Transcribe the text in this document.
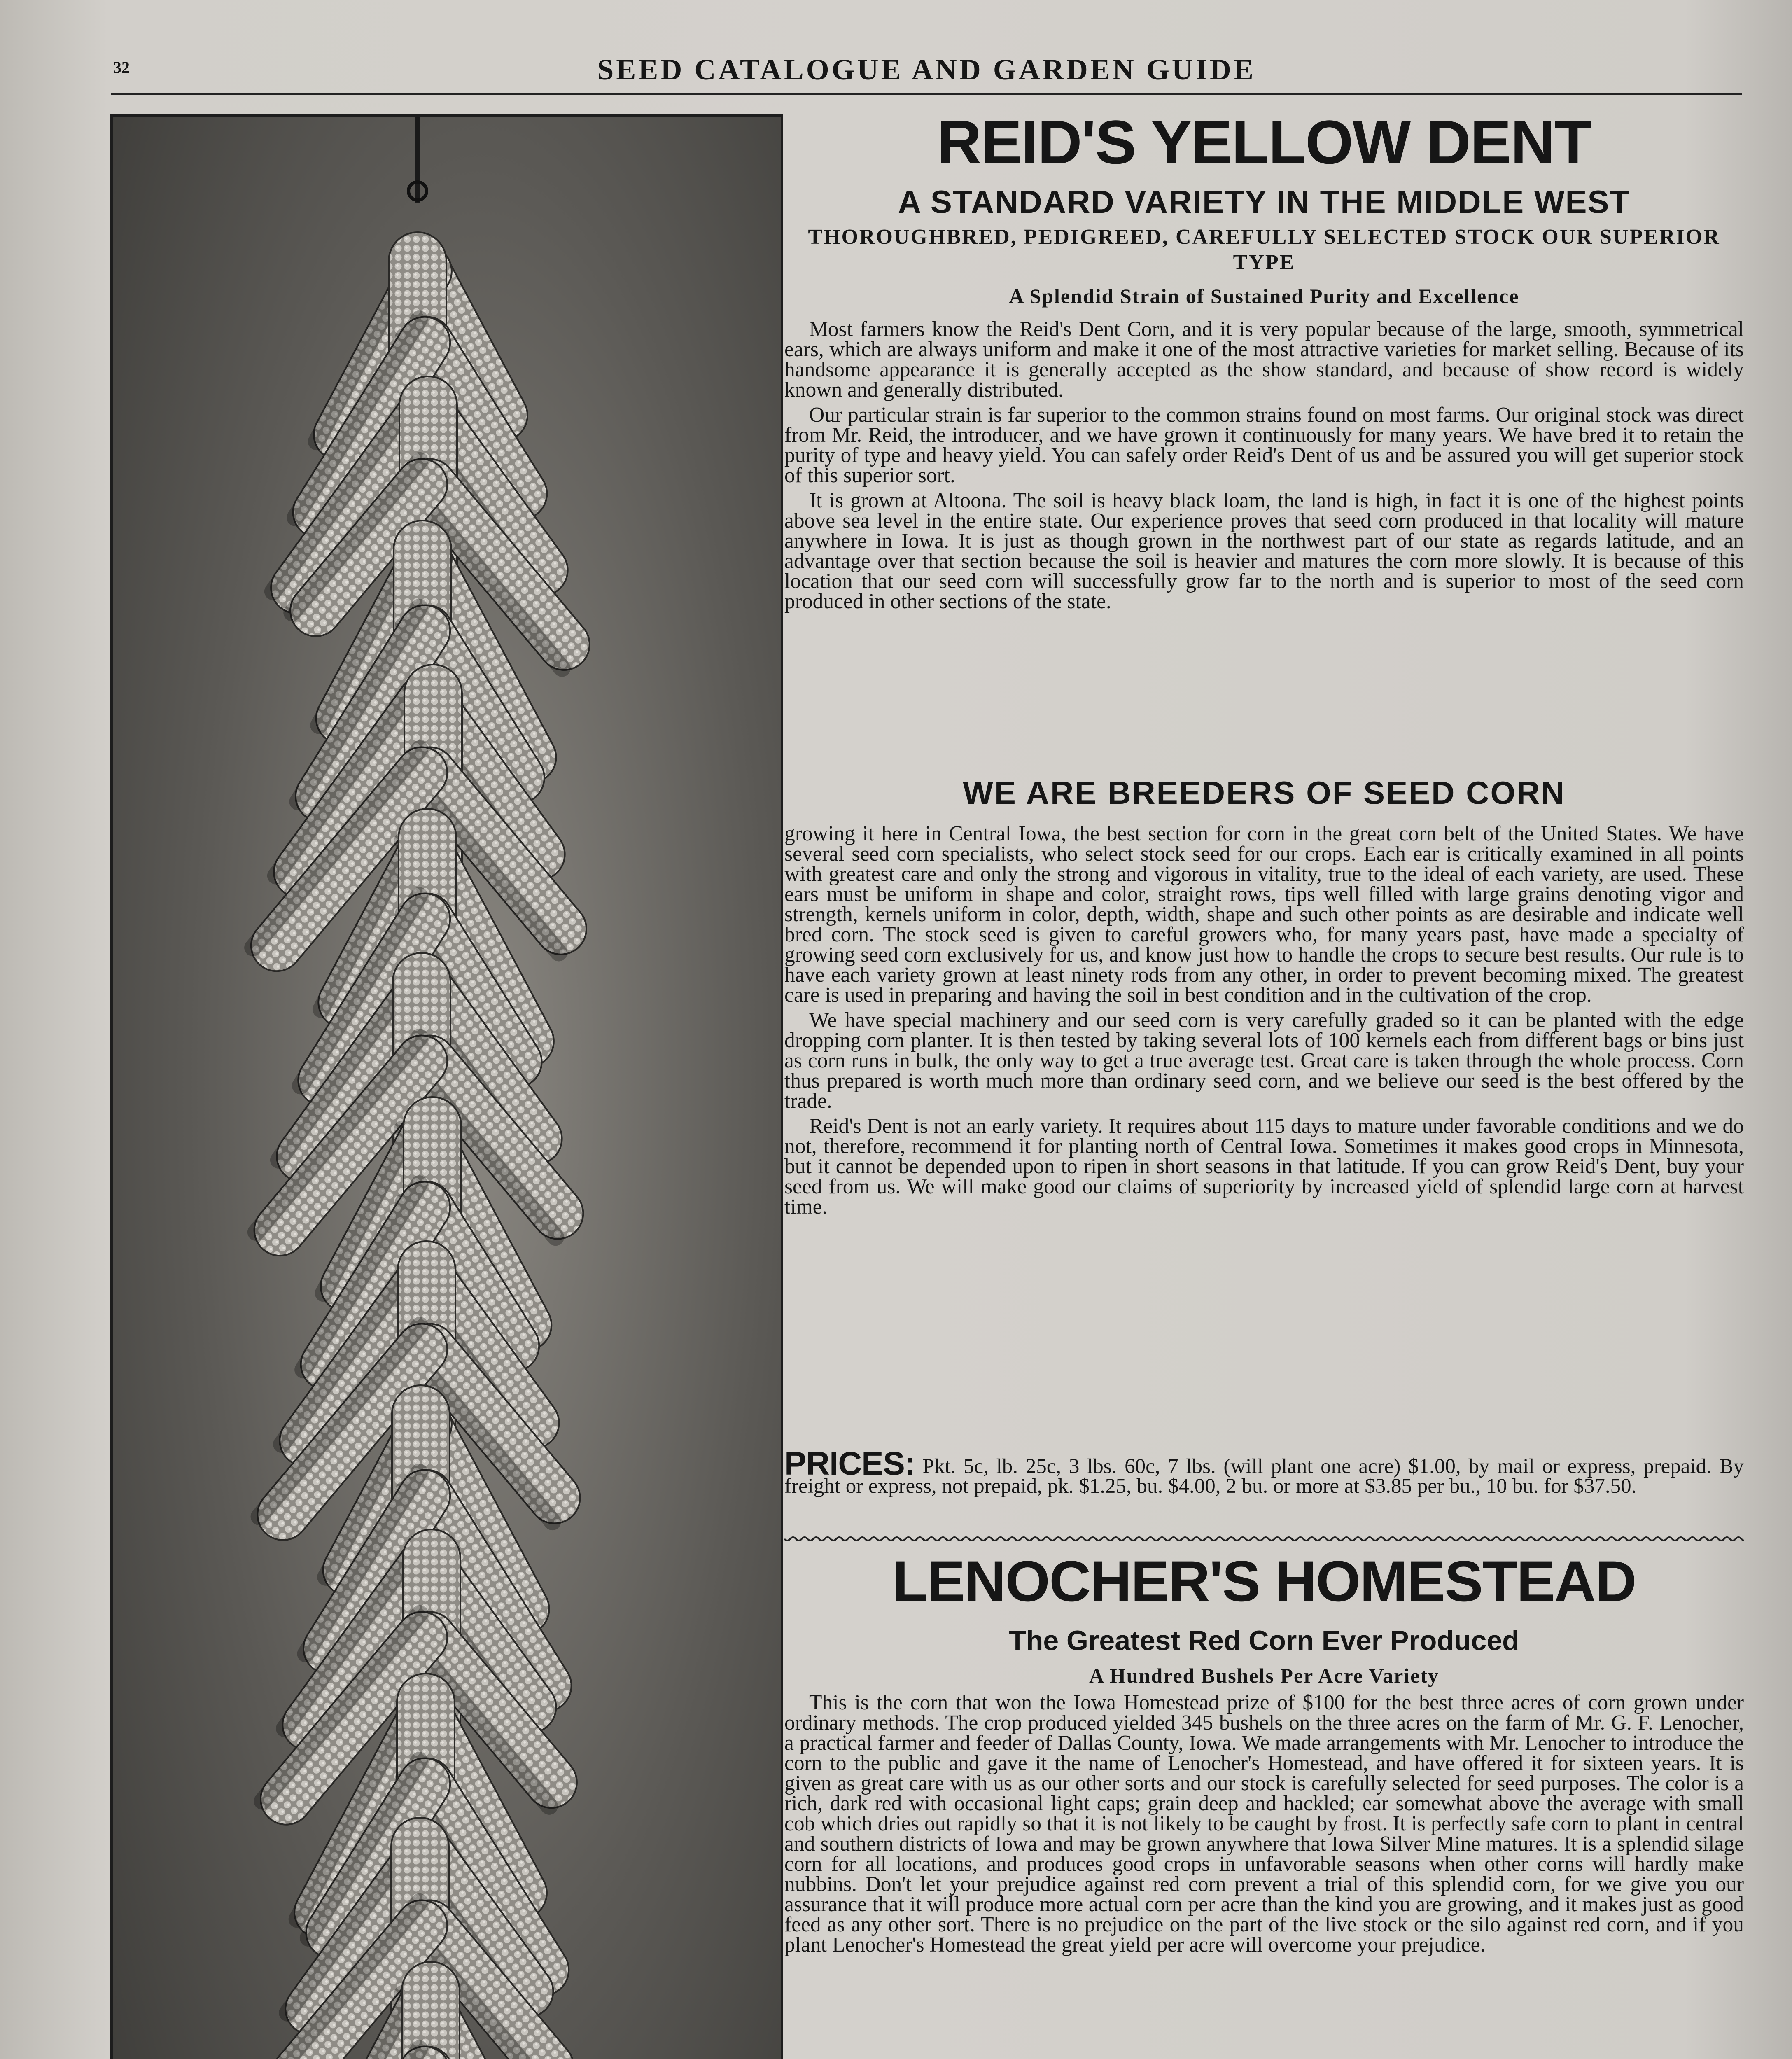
32	SEED CATALOGUE AND GARDEN GUIDE
REID'S YELLOW DENT
A STANDARD VARIETY IN THE MIDDLE WEST
THOROUGHBRED, PEDIGREED, CAREFULLY SELECTED STOCK OUR SUPERIOR TYPE
A Splendid Strain of Sustained Purity and Excellence

Most farmers know the Reid's Dent Corn, and it is very popular because of the large, smooth, symmetrical ears, which are always uniform and make it one of the most attractive varieties for market selling. Because of its handsome appearance it is generally accepted as the show standard, and because of show record is widely known and generally distributed.

Our particular strain is far superior to the common strains found on most farms. Our original stock was direct from Mr. Reid, the introducer, and we have grown it continuously for many years. We have bred it to retain the purity of type and heavy yield. You can safely order Reid's Dent of us and be assured you will get superior stock of this superior sort.

It is grown at Altoona. The soil is heavy black loam, the land is high, in fact it is one of the highest points above sea level in the entire state. Our experience proves that seed corn produced in that locality will mature anywhere in Iowa. It is just as though grown in the northwest part of our state as regards latitude, and an advantage over that section because the soil is heavier and matures the corn more slowly. It is because of this location that our seed corn will successfully grow far to the north and is superior to most of the seed corn produced in other sections of the state.

WE ARE BREEDERS OF SEED CORN

growing it here in Central Iowa, the best section for corn in the great corn belt of the United States. We have several seed corn specialists, who select stock seed for our crops. Each ear is critically examined in all points with greatest care and only the strong and vigorous in vitality, true to the ideal of each variety, are used. These ears must be uniform in shape and color, straight rows, tips well filled with large grains denoting vigor and strength, kernels uniform in color, depth, width, shape and such other points as are desirable and indicate well bred corn. The stock seed is given to careful growers who, for many years past, have made a specialty of growing seed corn exclusively for us, and know just how to handle the crops to secure best results. Our rule is to have each variety grown at least ninety rods from any other, in order to prevent becoming mixed. The greatest care is used in preparing and having the soil in best condition and in the cultivation of the crop.

We have special machinery and our seed corn is very carefully graded so it can be planted with the edge dropping corn planter. It is then tested by taking several lots of 100 kernels each from different bags or bins just as corn runs in bulk, the only way to get a true average test. Great care is taken through the whole process. Corn thus prepared is worth much more than ordinary seed corn, and we believe our seed is the best offered by the trade.

Reid's Dent is not an early variety. It requires about 115 days to mature under favorable conditions and we do not, therefore, recommend it for planting north of Central Iowa. Sometimes it makes good crops in Minnesota, but it cannot be depended upon to ripen in short seasons in that latitude. If you can grow Reid's Dent, buy your seed from us. We will make good our claims of superiority by increased yield of splendid large corn at harvest time.

PRICES: Pkt. 5c, lb. 25c, 3 lbs. 60c, 7 lbs. (will plant one acre) $1.00, by mail or express, prepaid. By freight or express, not prepaid, pk. $1.25, bu. $4.00, 2 bu. or more at $3.85 per bu., 10 bu. for $37.50.
LENOCHER'S HOMESTEAD
The Greatest Red Corn Ever Produced
A Hundred Bushels Per Acre Variety

This is the corn that won the Iowa Homestead prize of $100 for the best three acres of corn grown under ordinary methods. The crop produced yielded 345 bushels on the three acres on the farm of Mr. G. F. Lenocher, a practical farmer and feeder of Dallas County, Iowa. We made arrangements with Mr. Lenocher to introduce the corn to the public and gave it the name of Lenocher's Homestead, and have offered it for sixteen years. It is given as great care with us as our other sorts and our stock is carefully selected for seed purposes. The color is a rich, dark red with occasional light caps; grain deep and hackled; ear somewhat above the average with small cob which dries out rapidly so that it is not likely to be caught by frost. It is perfectly safe corn to plant in central and southern districts of Iowa and may be grown anywhere that Iowa Silver Mine matures. It is a splendid silage corn for all locations, and produces good crops in unfavorable seasons when other corns will hardly make nubbins. Don't let your prejudice against red corn prevent a trial of this splendid corn, for we give you our assurance that it will produce more actual corn per acre than the kind you are growing, and it makes just as good feed as any other sort. There is no prejudice on the part of the live stock or the silo against red corn, and if you plant Lenocher's Homestead the great yield per acre will overcome your prejudice.
